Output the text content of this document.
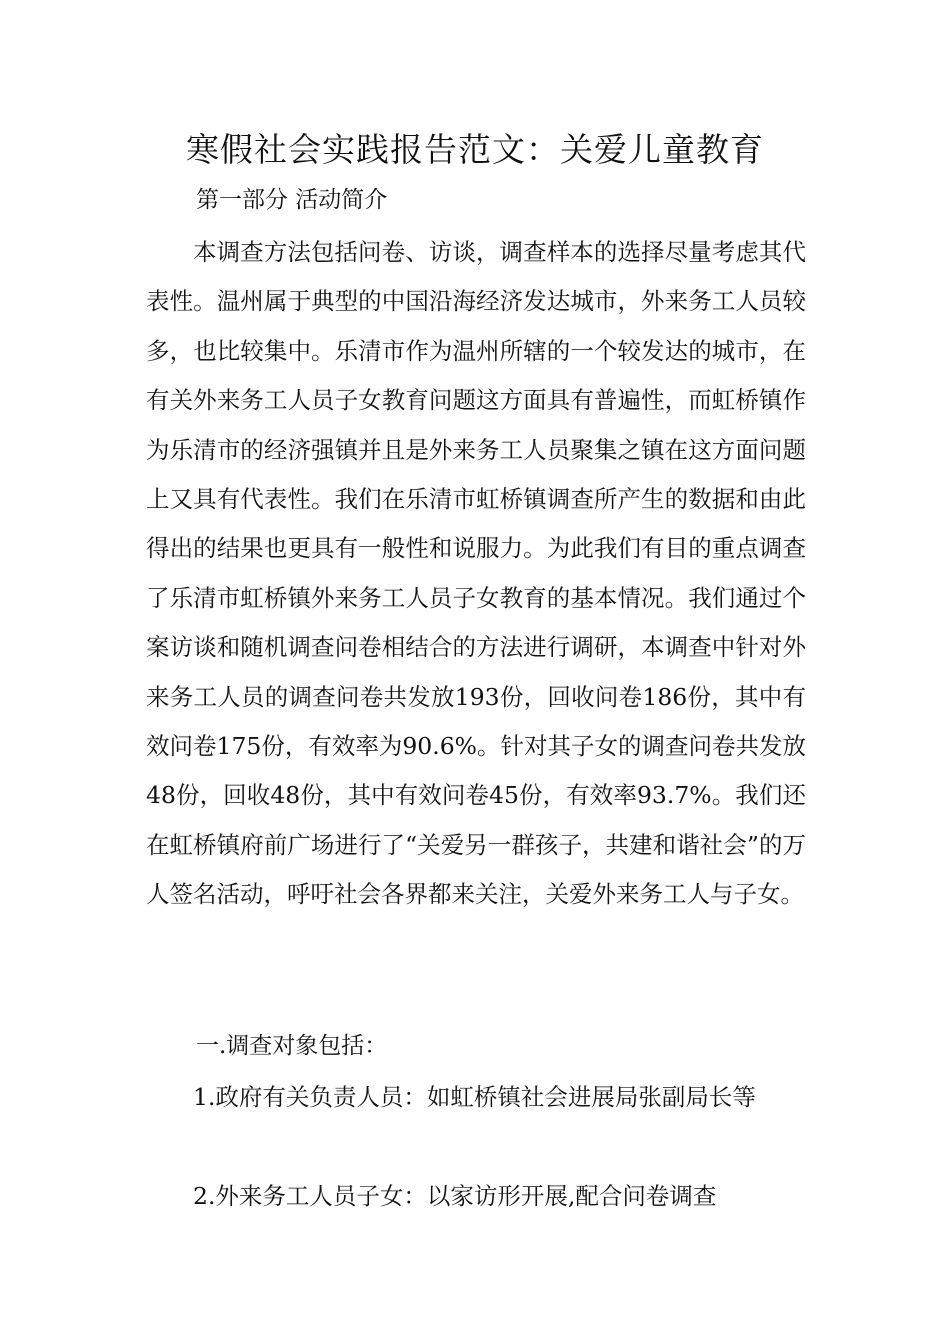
寒假社会实践报告范文：关爱儿童教育
第一部分 活动简介

本调查方法包括问卷、访谈，调查样本的选择尽量考虑其代表性。温州属于典型的中国沿海经济发达城市，外来务工人员较多，也比较集中。乐清市作为温州所辖的一个较发达的城市，在有关外来务工人员子女教育问题这方面具有普遍性，而虹桥镇作为乐清市的经济强镇并且是外来务工人员聚集之镇在这方面问题上又具有代表性。我们在乐清市虹桥镇调查所产生的数据和由此得出的结果也更具有一般性和说服力。为此我们有目的重点调查了乐清市虹桥镇外来务工人员子女教育的基本情况。我们通过个案访谈和随机调查问卷相结合的方法进行调研，本调查中针对外来务工人员的调查问卷共发放193份，回收问卷186份，其中有效问卷175份，有效率为90.6%。针对其子女的调查问卷共发放48份，回收48份，其中有效问卷45份，有效率93.7%。我们还在虹桥镇府前广场进行了“关爱另一群孩子，共建和谐社会”的万人签名活动，呼吁社会各界都来关注，关爱外来务工人与子女。

一.调查对象包括：

1.政府有关负责人员：如虹桥镇社会进展局张副局长等

2.外来务工人员子女：以家访形开展,配合问卷调查
